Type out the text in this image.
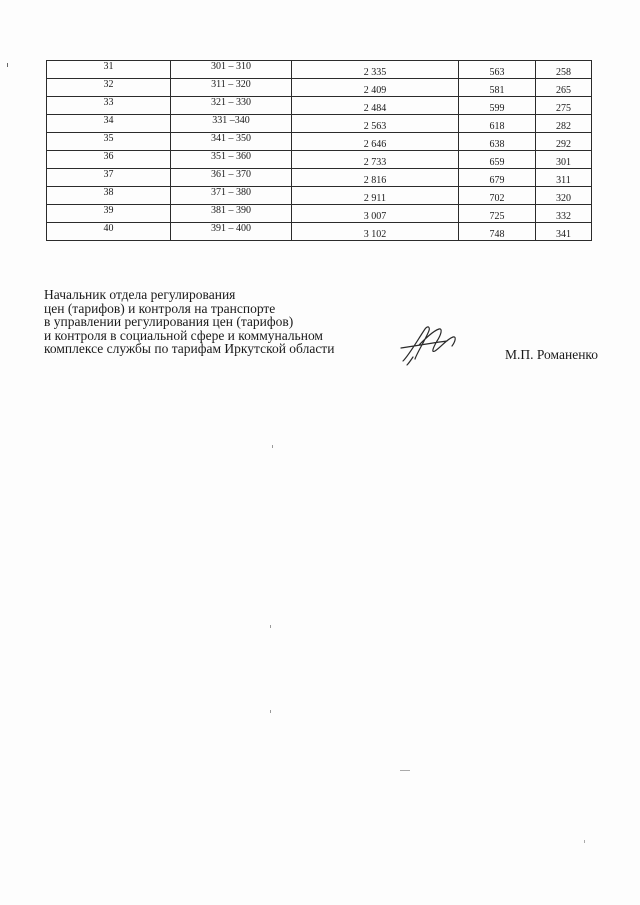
31	301 – 310	2 335	563	258
32	311 – 320	2 409	581	265
33	321 – 330	2 484	599	275
34	331 –340	2 563	618	282
35	341 – 350	2 646	638	292
36	351 – 360	2 733	659	301
37	361 – 370	2 816	679	311
38	371 – 380	2 911	702	320
39	381 – 390	3 007	725	332
40	391 – 400	3 102	748	341
Начальник отдела регулирования
цен (тарифов) и контроля на транспорте
в управлении регулирования цен (тарифов)
и контроля в социальной сфере и коммунальном
комплексе службы по тарифам Иркутской области	М.П. Романенко
